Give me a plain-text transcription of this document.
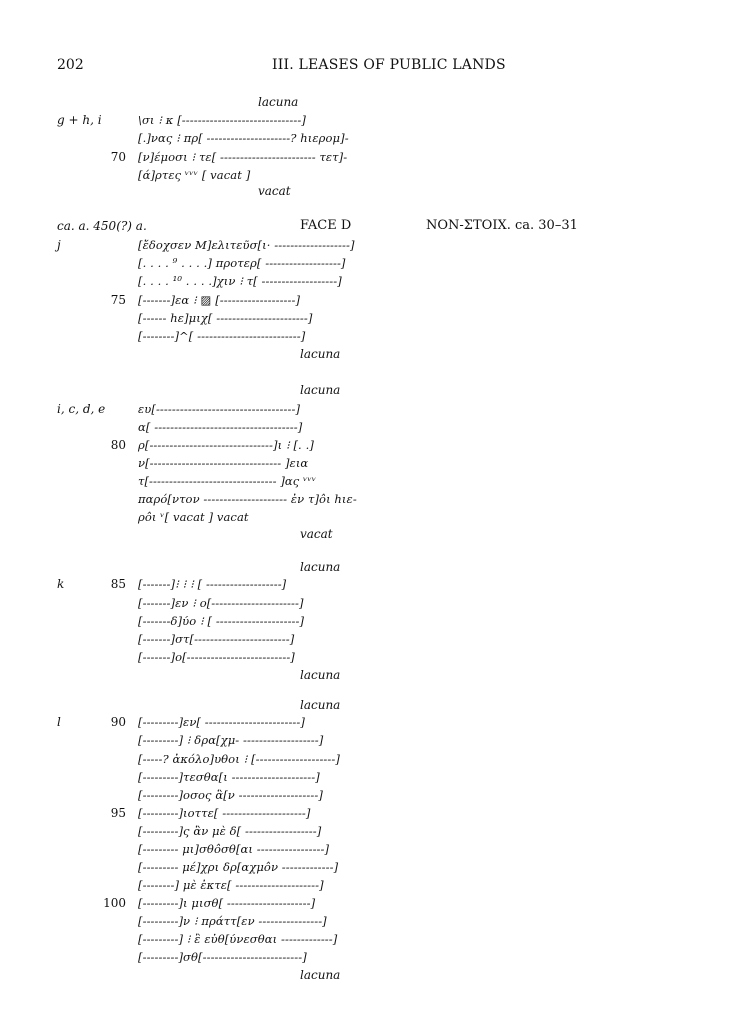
202	III. LEASES OF PUBLIC LANDS
lacuna
g + h, i	\σι ⁝ κ [------------------------------]
[.]νας ⁝ πρ[ ---------------------? hιερομ]-
70 [ν]έμοσι ⁝ τε[ ------------------------ τετ]-
[ά]ρτες ᵛᵛᵛ [ vacat ]
vacat
ca. a. 450(?) a.	FACE D	NON-ΣΤΟΙΧ. ca. 30–31
j	[ἔδοχσεν Μ]ελιτεῦσ[ι· -------------------]
[. . . . ⁹ . . . .] προτερ[ -------------------]
[. . . . ¹⁰ . . . .]χιν ⁝ τ[ -------------------]
75 [-------]εα ⁝ ▨ [-------------------]
[------ hε]μιχ[ -----------------------]
[--------]^[ --------------------------]
lacuna
lacuna
i, c, d, e	ευ[-----------------------------------]
α[ ------------------------------------]
80 ρ[-------------------------------]ι ⁝ [. .]
ν[--------------------------------- ]εια
τ[-------------------------------- ]ας ᵛᵛᵛ
παρό[ντον --------------------- ἐν τ]ôι hιε-
ρôι ᵛ[ vacat ] vacat
vacat
lacuna
k	85 [-------]⁝ ⁝ ⁝ [ -------------------]
[-------]εν ⁝ ο[----------------------]
[-------δ]ύο ⁝ [ ---------------------]
[-------]στ[------------------------]
[-------]ο[--------------------------]
lacuna
lacuna
l	90 [---------]εν[ ------------------------]
[---------] ⁝ δρα[χμ- -------------------]
[-----? ἀκόλο]υθοι ⁝ [--------------------]
[---------]τεσθα[ι ---------------------]
[---------]οσος ἃ[ν --------------------]
95 [---------]ιοττε[ ---------------------]
[---------]ς ἂν μὲ δ[ ------------------]
[--------- μι]σθôσθ[αι -----------------]
[--------- μέ]χρι δρ[αχμôν -------------]
[--------] μὲ ἐκτε[ ---------------------]
100 [---------]ι μισθ[ ---------------------]
[---------]ν ⁝ πράττ[εν ----------------]
[---------] ⁝ ἒ εὐθ[ύνεσθαι -------------]
[---------]σθ[-------------------------]
lacuna
